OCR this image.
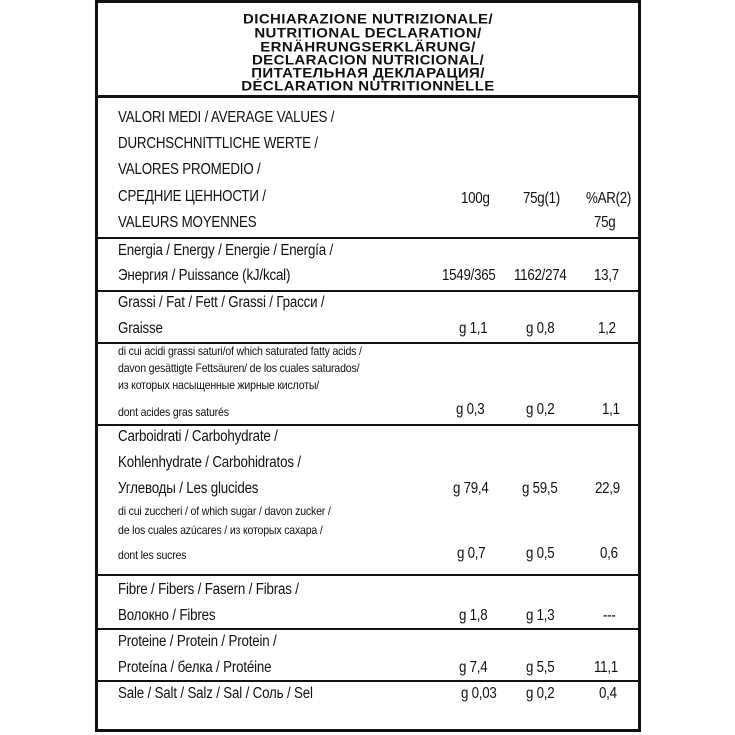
DICHIARAZIONE NUTRIZIONALE/
NUTRITIONAL DECLARATION/
ERNÄHRUNGSERKLÄRUNG/
DECLARACION NUTRICIONAL/
ПИТАТЕЛЬНАЯ ДЕКЛАРАЦИЯ/
DÉCLARATION NUTRITIONNELLE
VALORI MEDI / AVERAGE VALUES /
DURCHSCHNITTLICHE WERTE /
VALORES PROMEDIO /
СРЕДНИЕ ЦЕННОСТИ /
VALEURS MOYENNES
100g 75g(1) %AR(2)
75g
Energia / Energy / Energie / Energía /
Энергия / Puissance (kJ/kcal)	1549/365 1162/274 13,7
Grassi / Fat / Fett / Grassi / Грасси /
Graisse	g 1,1 g 0,8	1,2
di cui acidi grassi saturi/of which saturated fatty acids /
davon gesättigte Fettsäuren/ de los cuales saturados/
из которых насыщенные жирные кислоты/
dont acides gras saturés	g 0,3	g 0,2	1,1
Carboidrati / Carbohydrate /
Kohlenhydrate / Carbohidratos /
Углеводы / Les glucides	g 79,4 g 59,5 22,9
di cui zuccheri / of which sugar / davon zucker /
de los cuales azúcares / из которых сахара /
dont les sucres	g 0,7	g 0,5	0,6
Fibre / Fibers / Fasern / Fibras /
Волокно / Fibres	g 1,8 g 1,3	---
Proteine / Protein / Protein /
Proteína / белка / Protéine	g 7,4 g 5,5	11,1
Sale / Salt / Salz / Sal / Соль / Sel	g 0,03 g 0,2	0,4
